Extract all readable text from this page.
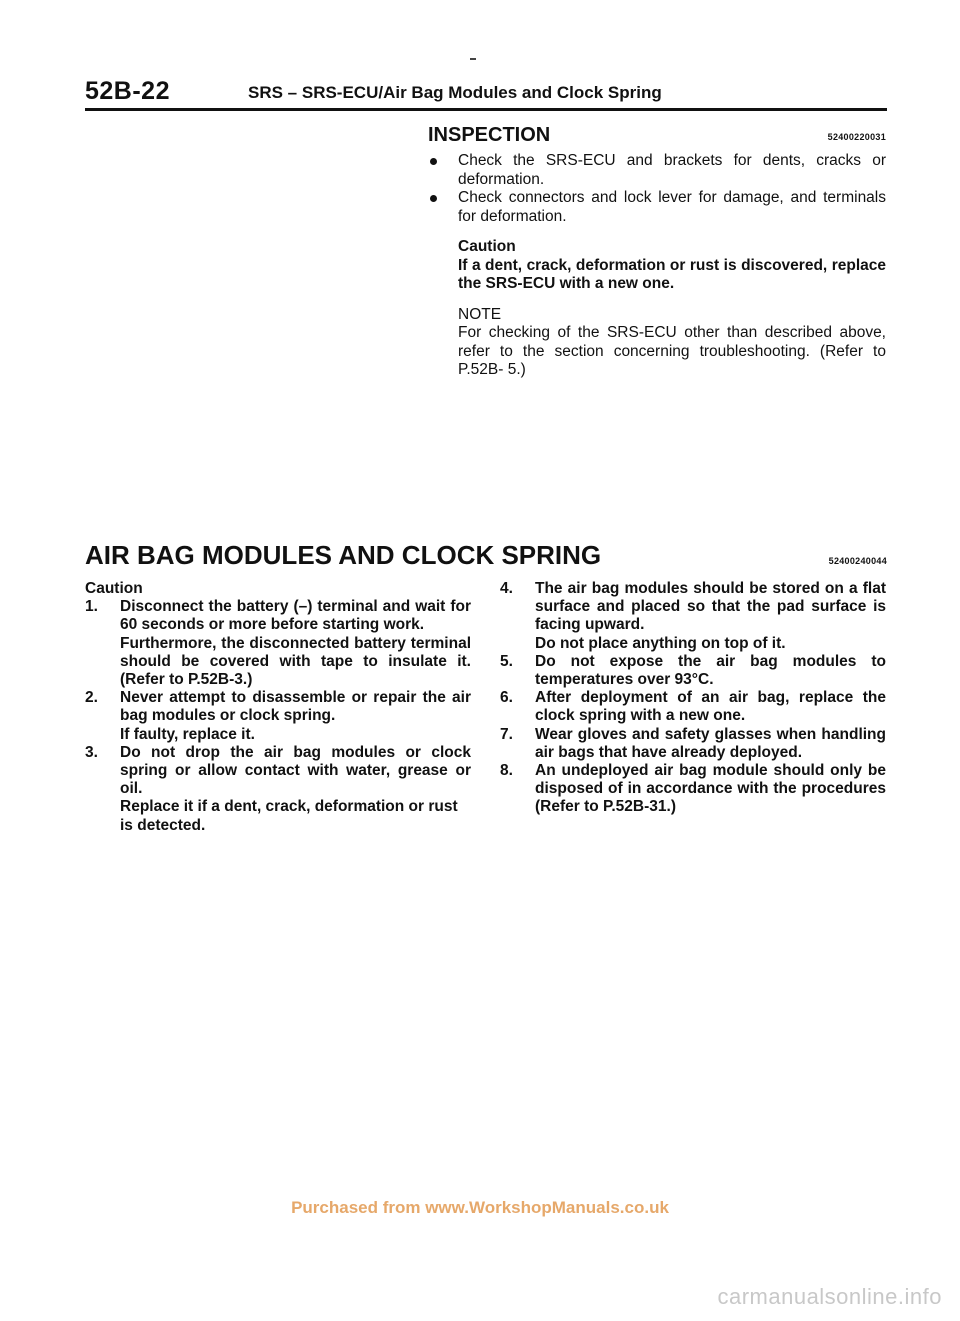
52B-22	SRS – SRS-ECU/Air Bag Modules and Clock Spring
INSPECTION	52400220031
Check the SRS-ECU and brackets for dents, cracks or deformation.
Check connectors and lock lever for damage, and terminals for deformation.
Caution
If a dent, crack, deformation or rust is discovered, replace the SRS-ECU with a new one.
NOTE
For checking of the SRS-ECU other than described above, refer to the section concerning troubleshooting. (Refer to P.52B- 5.)
AIR BAG MODULES AND CLOCK SPRING	52400240044
Caution
1. Disconnect the battery (–) terminal and wait for 60 seconds or more before starting work.
Furthermore, the disconnected battery terminal should be covered with tape to insulate it. (Refer to P.52B-3.)
2. Never attempt to disassemble or repair the air bag modules or clock spring.
If faulty, replace it.
3. Do not drop the air bag modules or clock spring or allow contact with water, grease or oil.
Replace it if a dent, crack, deformation or rust is detected.
4. The air bag modules should be stored on a flat surface and placed so that the pad surface is facing upward.
Do not place anything on top of it.
5. Do not expose the air bag modules to temperatures over 93°C.
6. After deployment of an air bag, replace the clock spring with a new one.
7. Wear gloves and safety glasses when handling air bags that have already deployed.
8. An undeployed air bag module should only be disposed of in accordance with the procedures (Refer to P.52B-31.)
Purchased from www.WorkshopManuals.co.uk
carmanualsonline.info
